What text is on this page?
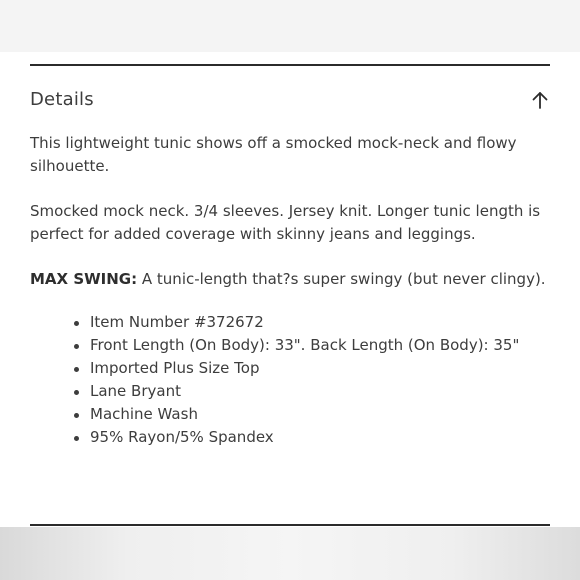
Details

This lightweight tunic shows off a smocked mock-neck and flowy silhouette.

Smocked mock neck. 3/4 sleeves. Jersey knit. Longer tunic length is perfect for added coverage with skinny jeans and leggings.

MAX SWING: A tunic-length that?s super swingy (but never clingy).

Item Number #372672
Front Length (On Body): 33". Back Length (On Body): 35"
Imported Plus Size Top
Lane Bryant
Machine Wash
95% Rayon/5% Spandex
